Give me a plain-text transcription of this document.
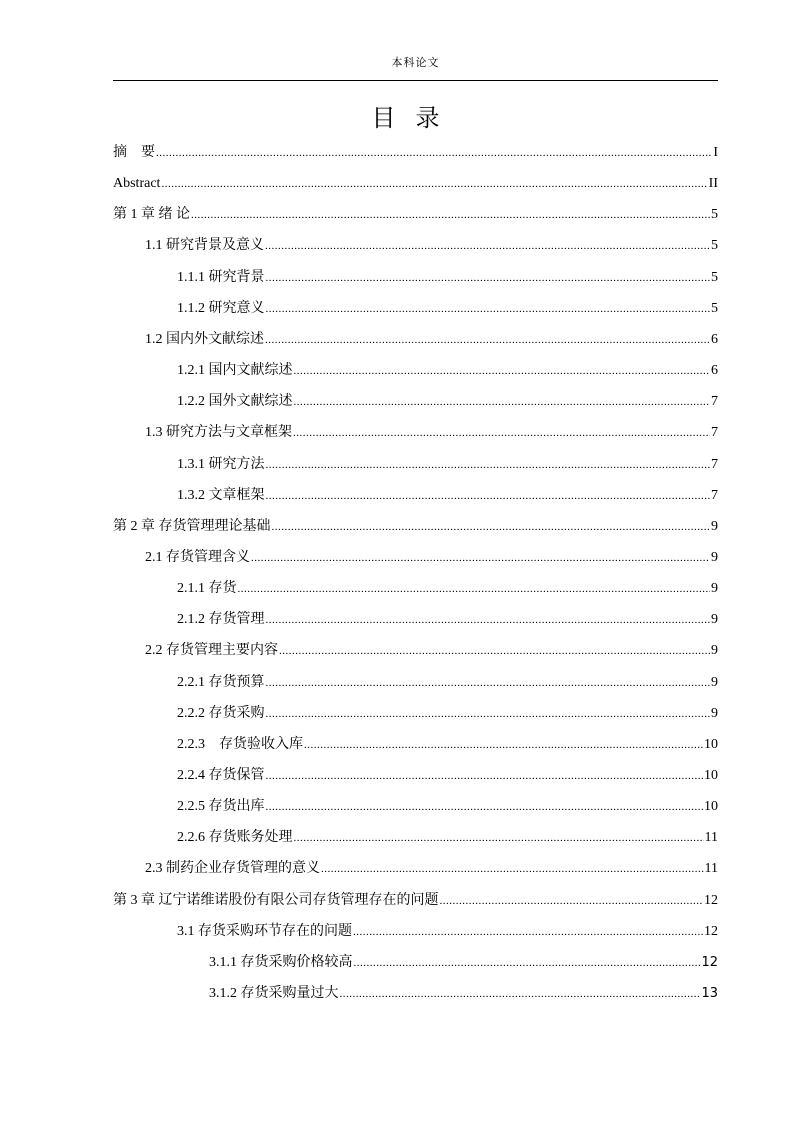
本科论文
目录
摘　要 .....	I
Abstract .....	II
第 1 章 绪 论 .....	5
1.1 研究背景及意义 .....	5
1.1.1 研究背景 .....	5
1.1.2 研究意义 .....	5
1.2 国内外文献综述 .....	6
1.2.1 国内文献综述 .....	6
1.2.2 国外文献综述 .....	7
1.3 研究方法与文章框架 .....	7
1.3.1 研究方法 .....	7
1.3.2 文章框架 .....	7
第 2 章 存货管理理论基础 .....	9
2.1 存货管理含义 .....	9
2.1.1 存货 .....	9
2.1.2 存货管理 .....	9
2.2 存货管理主要内容 .....	9
2.2.1 存货预算 .....	9
2.2.2 存货采购 .....	9
2.2.3　存货验收入库 .....	10
2.2.4 存货保管 .....	10
2.2.5 存货出库 .....	10
2.2.6 存货账务处理 .....	11
2.3 制药企业存货管理的意义 .....	11
第 3 章 辽宁诺维诺股份有限公司存货管理存在的问题 .....	12
3.1 存货采购环节存在的问题 .....	12
3.1.1 存货采购价格较高 .....	12
3.1.2 存货采购量过大 .....	13
